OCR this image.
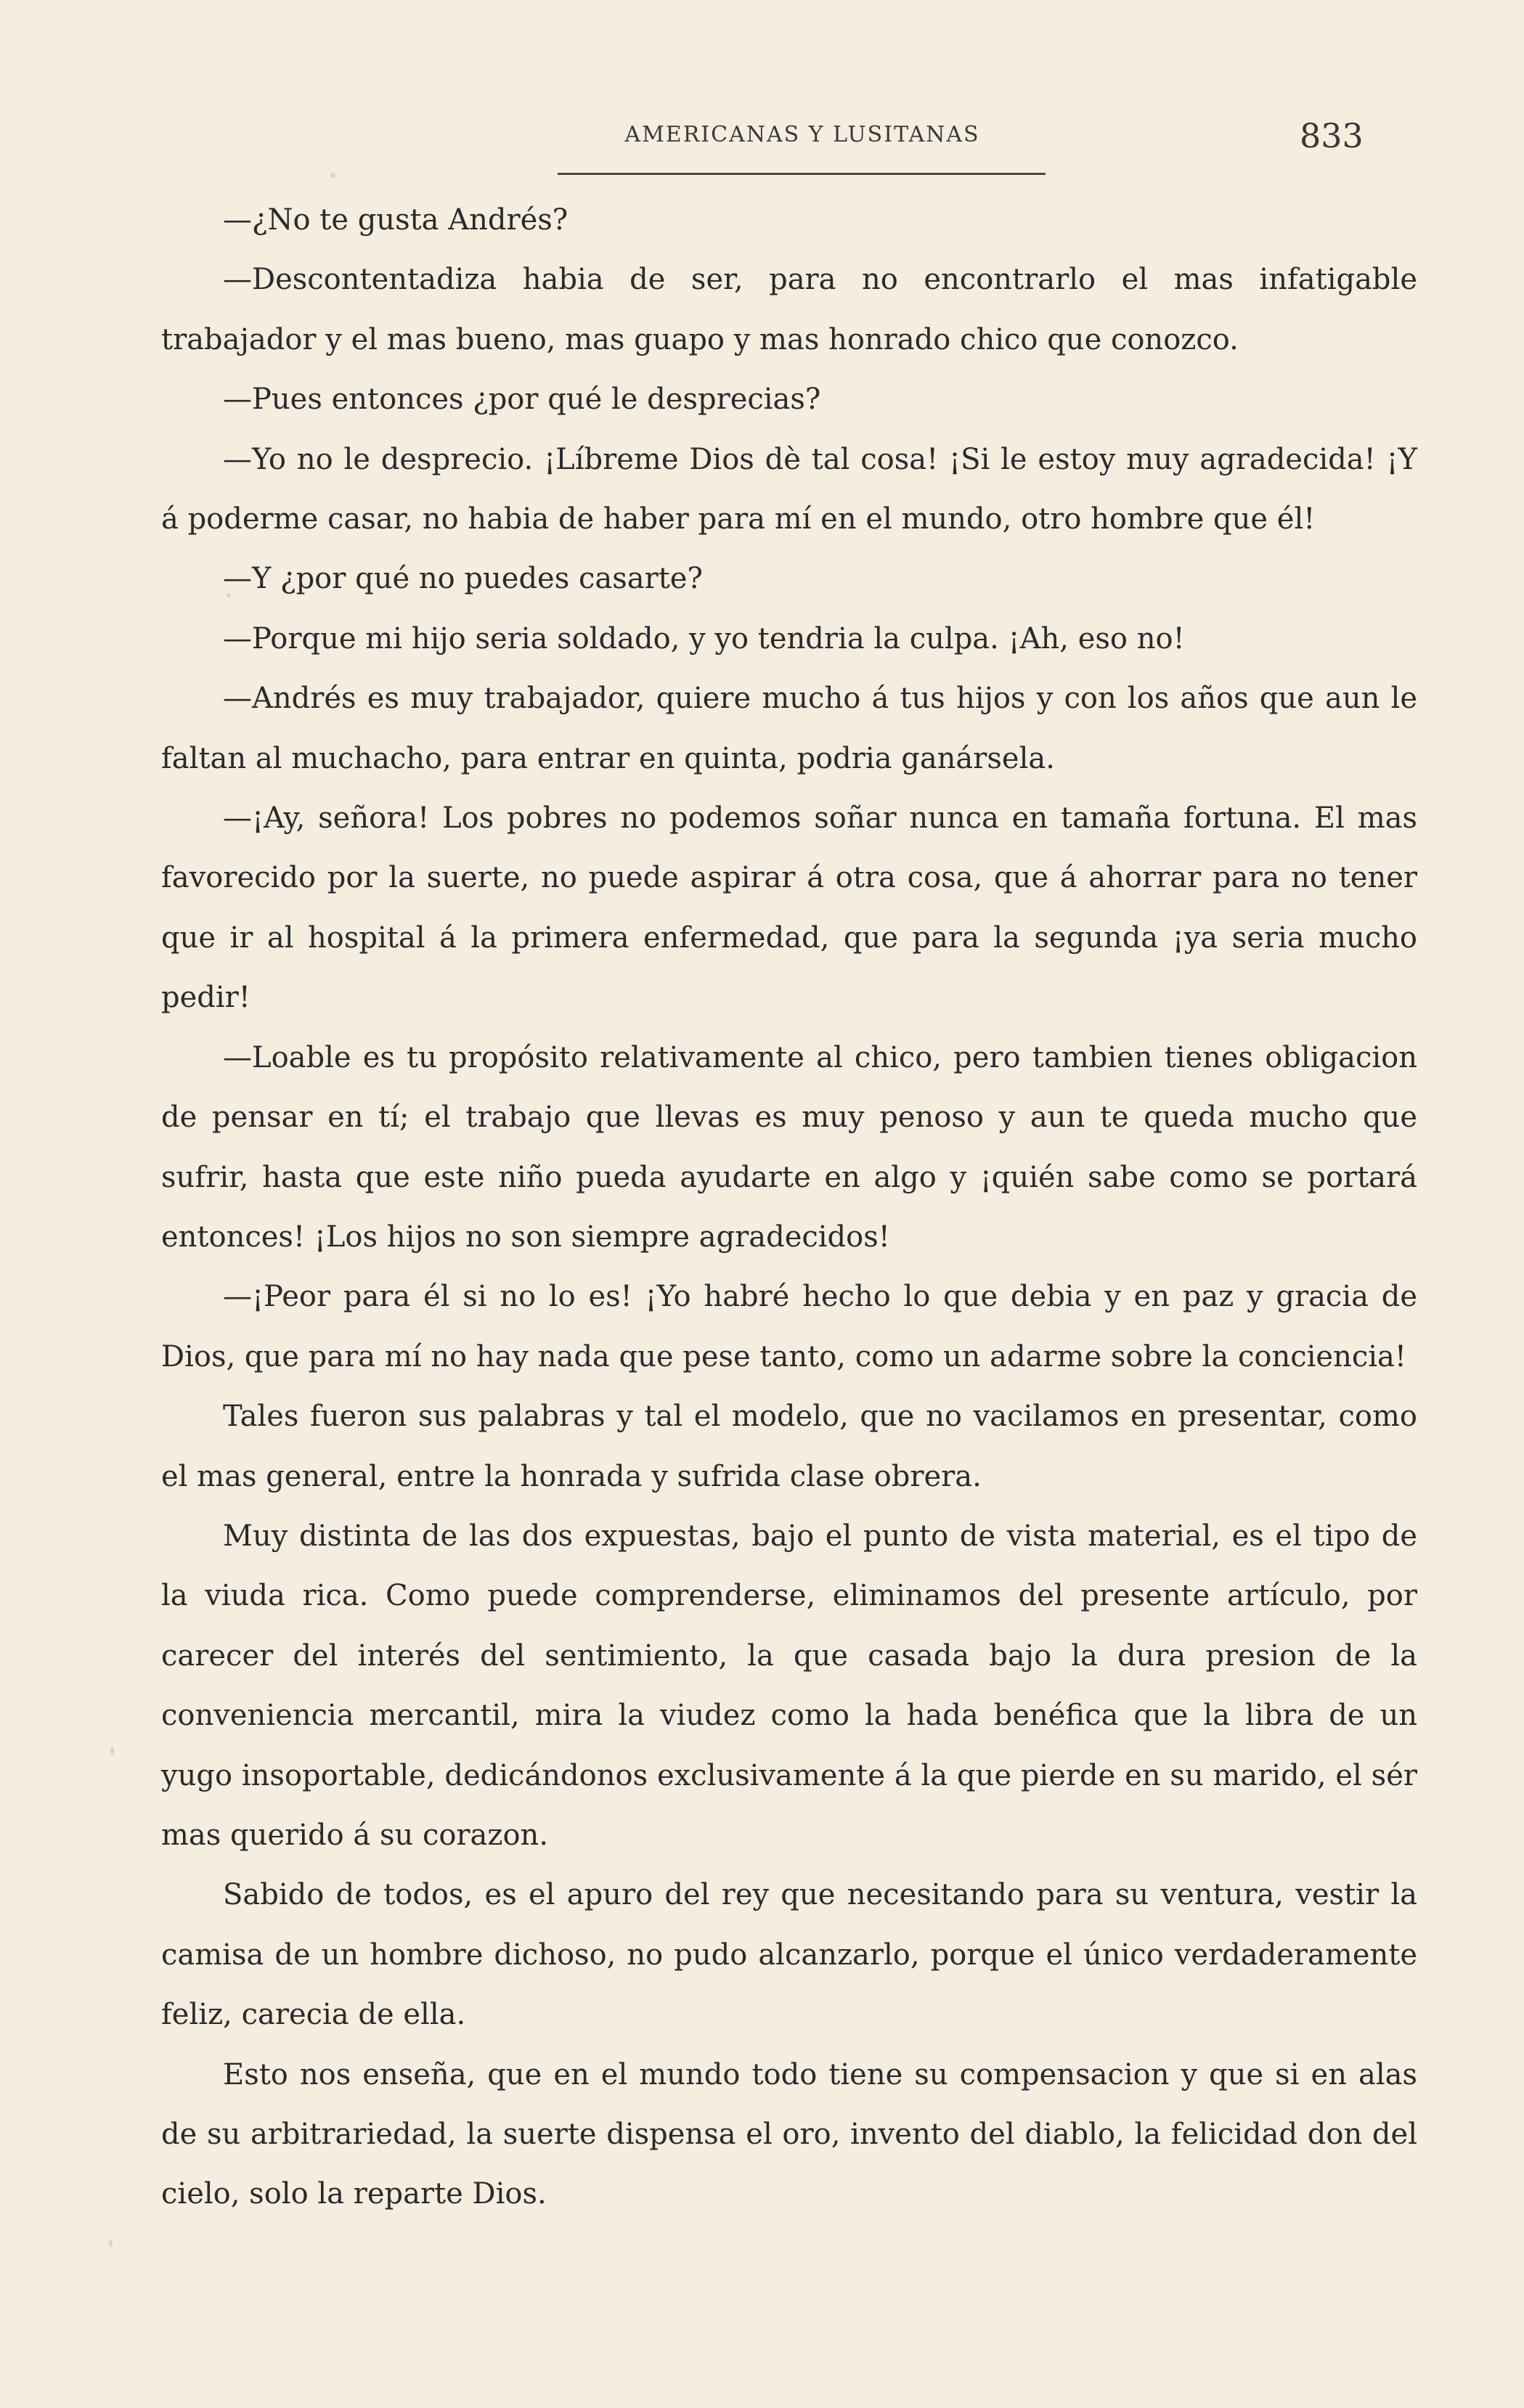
AMERICANAS Y LUSITANAS	833

—¿No te gusta Andrés?

—Descontentadiza habia de ser, para no encontrarlo el mas infatigable trabajador y el mas bueno, mas guapo y mas honrado chico que conozco.

—Pues entonces ¿por qué le desprecias?

—Yo no le desprecio. ¡Líbreme Dios dè tal cosa! ¡Si le estoy muy agradecida! ¡Y á poderme casar, no habia de haber para mí en el mundo, otro hombre que él!

—Y ¿por qué no puedes casarte?

—Porque mi hijo seria soldado, y yo tendria la culpa. ¡Ah, eso no!

—Andrés es muy trabajador, quiere mucho á tus hijos y con los años que aun le faltan al muchacho, para entrar en quinta, podria ganársela.

—¡Ay, señora! Los pobres no podemos soñar nunca en tamaña fortuna. El mas favorecido por la suerte, no puede aspirar á otra cosa, que á ahorrar para no tener que ir al hospital á la primera enfermedad, que para la segunda ¡ya seria mucho pedir!

—Loable es tu propósito relativamente al chico, pero tambien tienes obligacion de pensar en tí; el trabajo que llevas es muy penoso y aun te queda mucho que sufrir, hasta que este niño pueda ayudarte en algo y ¡quién sabe como se portará entonces! ¡Los hijos no son siempre agradecidos!

—¡Peor para él si no lo es! ¡Yo habré hecho lo que debia y en paz y gracia de Dios, que para mí no hay nada que pese tanto, como un adarme sobre la conciencia!

Tales fueron sus palabras y tal el modelo, que no vacilamos en presentar, como el mas general, entre la honrada y sufrida clase obrera.

Muy distinta de las dos expuestas, bajo el punto de vista material, es el tipo de la viuda rica. Como puede comprenderse, eliminamos del presente artículo, por carecer del interés del sentimiento, la que casada bajo la dura presion de la conveniencia mercantil, mira la viudez como la hada benéfica que la libra de un yugo insoportable, dedicándonos exclusivamente á la que pierde en su marido, el sér mas querido á su corazon.

Sabido de todos, es el apuro del rey que necesitando para su ventura, vestir la camisa de un hombre dichoso, no pudo alcanzarlo, porque el único verdaderamente feliz, carecia de ella.

Esto nos enseña, que en el mundo todo tiene su compensacion y que si en alas de su arbitrariedad, la suerte dispensa el oro, invento del diablo, la felicidad don del cielo, solo la reparte Dios.
